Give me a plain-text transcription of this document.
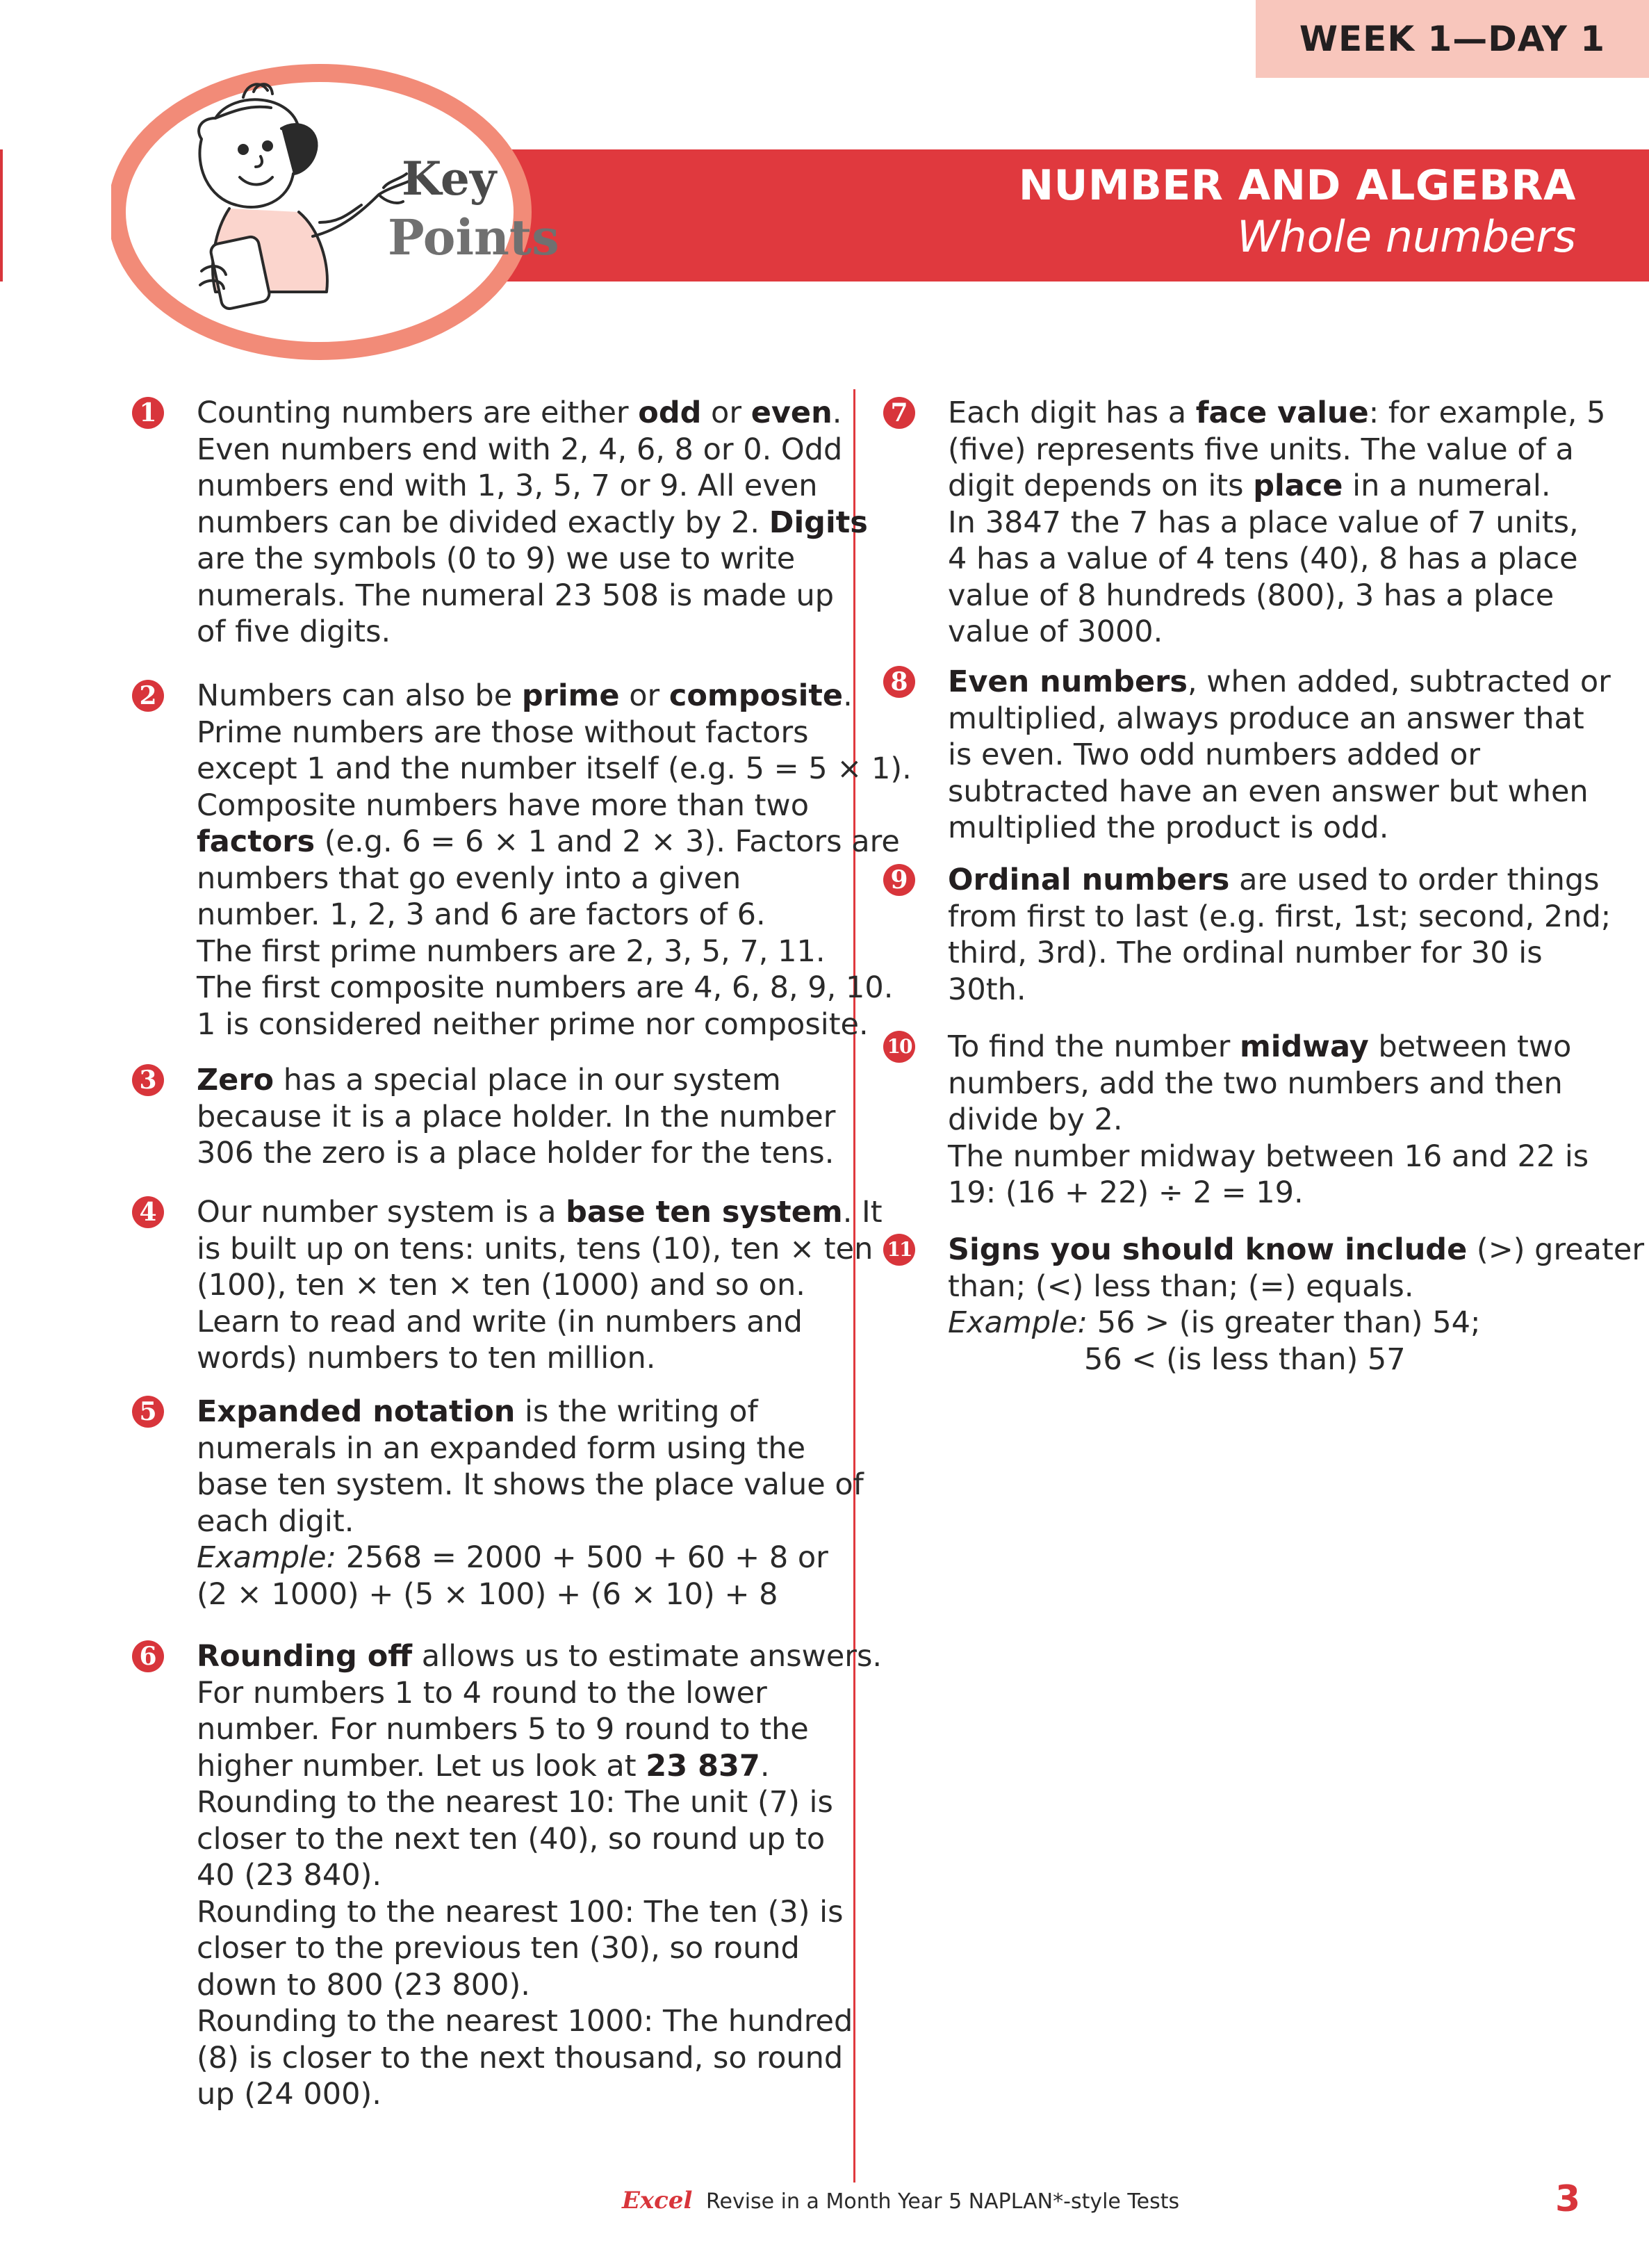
WEEK 1—DAY 1
NUMBER AND ALGEBRA
Whole numbers
Key
Points
1 Counting numbers are either odd or even.
Even numbers end with 2, 4, 6, 8 or 0. Odd
numbers end with 1, 3, 5, 7 or 9. All even
numbers can be divided exactly by 2. Digits
are the symbols (0 to 9) we use to write
numerals. The numeral 23 508 is made up
of five digits.
2 Numbers can also be prime or composite.
Prime numbers are those without factors
except 1 and the number itself (e.g. 5 = 5 × 1).
Composite numbers have more than two
factors (e.g. 6 = 6 × 1 and 2 × 3). Factors are
numbers that go evenly into a given
number. 1, 2, 3 and 6 are factors of 6.
The first prime numbers are 2, 3, 5, 7, 11.
The first composite numbers are 4, 6, 8, 9, 10.
1 is considered neither prime nor composite.
3 Zero has a special place in our system
because it is a place holder. In the number
306 the zero is a place holder for the tens.
4 Our number system is a base ten system. It
is built up on tens: units, tens (10), ten × ten
(100), ten × ten × ten (1000) and so on.
Learn to read and write (in numbers and
words) numbers to ten million.
5 Expanded notation is the writing of
numerals in an expanded form using the
base ten system. It shows the place value of
each digit.
Example: 2568 = 2000 + 500 + 60 + 8 or
(2 × 1000) + (5 × 100) + (6 × 10) + 8
6 Rounding off allows us to estimate answers.
For numbers 1 to 4 round to the lower
number. For numbers 5 to 9 round to the
higher number. Let us look at 23 837.
Rounding to the nearest 10: The unit (7) is
closer to the next ten (40), so round up to
40 (23 840).
Rounding to the nearest 100: The ten (3) is
closer to the previous ten (30), so round
down to 800 (23 800).
Rounding to the nearest 1000: The hundred
(8) is closer to the next thousand, so round
up (24 000).
7 Each digit has a face value: for example, 5
(five) represents five units. The value of a
digit depends on its place in a numeral.
In 3847 the 7 has a place value of 7 units,
4 has a value of 4 tens (40), 8 has a place
value of 8 hundreds (800), 3 has a place
value of 3000.
8 Even numbers, when added, subtracted or
multiplied, always produce an answer that
is even. Two odd numbers added or
subtracted have an even answer but when
multiplied the product is odd.
9 Ordinal numbers are used to order things
from first to last (e.g. first, 1st; second, 2nd;
third, 3rd). The ordinal number for 30 is
30th.
10 To find the number midway between two
numbers, add the two numbers and then
divide by 2.
The number midway between 16 and 22 is
19: (16 + 22) ÷ 2 = 19.
11 Signs you should know include (>) greater
than; (<) less than; (=) equals.
Example: 56 > (is greater than) 54;
56 < (is less than) 57
Excel Revise in a Month Year 5 NAPLAN*-style Tests	3
